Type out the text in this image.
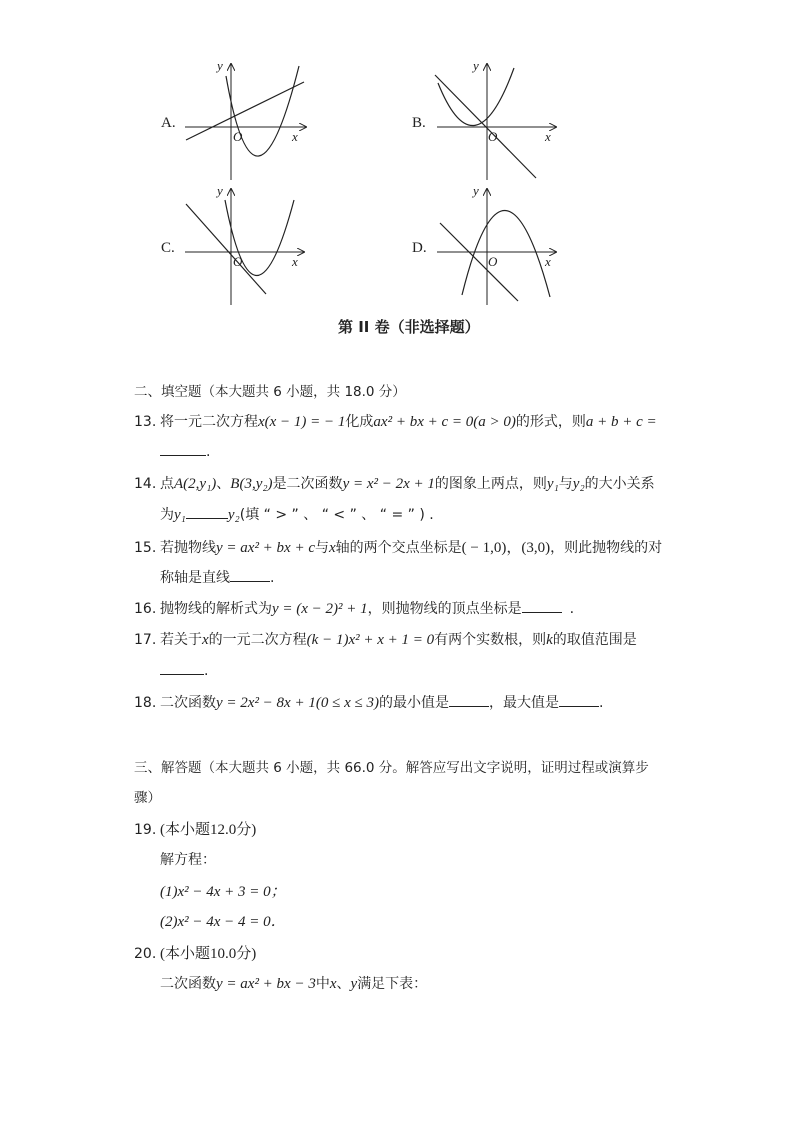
A.
y
x
O
B.
y
x
O
C.
y
x
O
D.
y
x
O
第 II 卷（非选择题）
二、填空题（本大题共 6 小题，共 18.0 分）
13. 将一元二次方程x(x − 1) = − 1化成ax² + bx + c = 0(a > 0)的形式，则a + b + c =
.
14. 点A(2,y₁)、B(3,y₂)是二次函数y = x² − 2x + 1的图象上两点，则y₁与y₂的大小关系
为y₁	y₂(填 “ > ” 、 “ < ” 、 “ = ” ) .
15. 若抛物线y = ax² + bx + c与x轴的两个交点坐标是( − 1,0)，(3,0)，则此抛物线的对
称轴是直线	.
16. 抛物线的解析式为y = (x − 2)² + 1，则抛物线的顶点坐标是	.
17. 若关于x的一元二次方程(k − 1)x² + x + 1 = 0有两个实数根，则k的取值范围是
.
18. 二次函数y = 2x² − 8x + 1(0 ≤ x ≤ 3)的最小值是	，最大值是	.
三、解答题（本大题共 6 小题，共 66.0 分。解答应写出文字说明，证明过程或演算步
骤）
19. (本小题12.0分)
解方程：
(1)x² − 4x + 3 = 0；
(2)x² − 4x − 4 = 0．
20. (本小题10.0分)
二次函数y = ax² + bx − 3中x、y满足下表：
